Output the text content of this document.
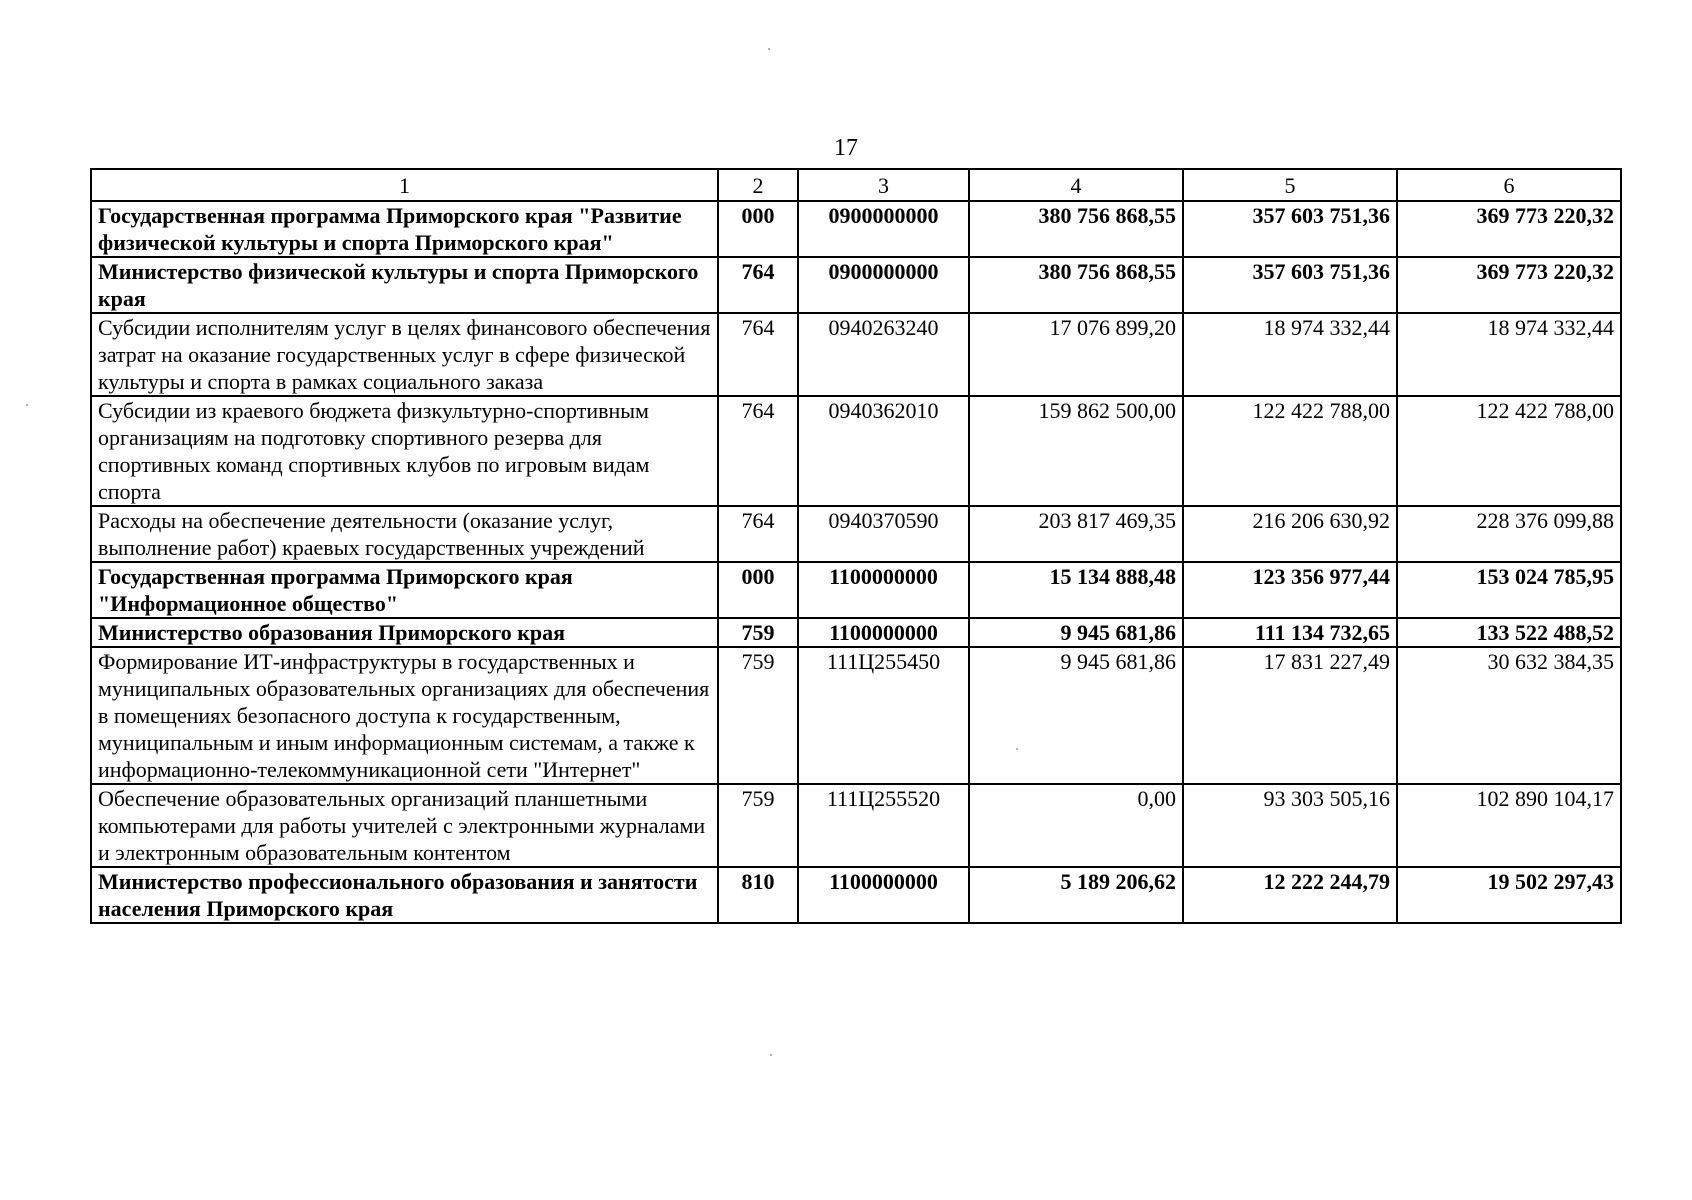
17
1	2	3	4	5	6
Государственная программа Приморского края "Развитие физической культуры и спорта Приморского края"	000	0900000000	380 756 868,55	357 603 751,36	369 773 220,32
Министерство физической культуры и спорта Приморского края	764	0900000000	380 756 868,55	357 603 751,36	369 773 220,32
Субсидии исполнителям услуг в целях финансового обеспечения затрат на оказание государственных услуг в сфере физической культуры и спорта в рамках социального заказа	764	0940263240	17 076 899,20	18 974 332,44	18 974 332,44
Субсидии из краевого бюджета физкультурно-спортивным организациям на подготовку спортивного резерва для спортивных команд спортивных клубов по игровым видам спорта	764	0940362010	159 862 500,00	122 422 788,00	122 422 788,00
Расходы на обеспечение деятельности (оказание услуг, выполнение работ) краевых государственных учреждений	764	0940370590	203 817 469,35	216 206 630,92	228 376 099,88
Государственная программа Приморского края "Информационное общество"	000	1100000000	15 134 888,48	123 356 977,44	153 024 785,95
Министерство образования Приморского края	759	1100000000	9 945 681,86	111 134 732,65	133 522 488,52
Формирование ИТ-инфраструктуры в государственных и муниципальных образовательных организациях для обеспечения в помещениях безопасного доступа к государственным, муниципальным и иным информационным системам, а также к информационно-телекоммуникационной сети "Интернет"	759	111Ц255450	9 945 681,86	17 831 227,49	30 632 384,35
Обеспечение образовательных организаций планшетными компьютерами для работы учителей с электронными журналами и электронным образовательным контентом	759	111Ц255520	0,00	93 303 505,16	102 890 104,17
Министерство профессионального образования и занятости населения Приморского края	810	1100000000	5 189 206,62	12 222 244,79	19 502 297,43
